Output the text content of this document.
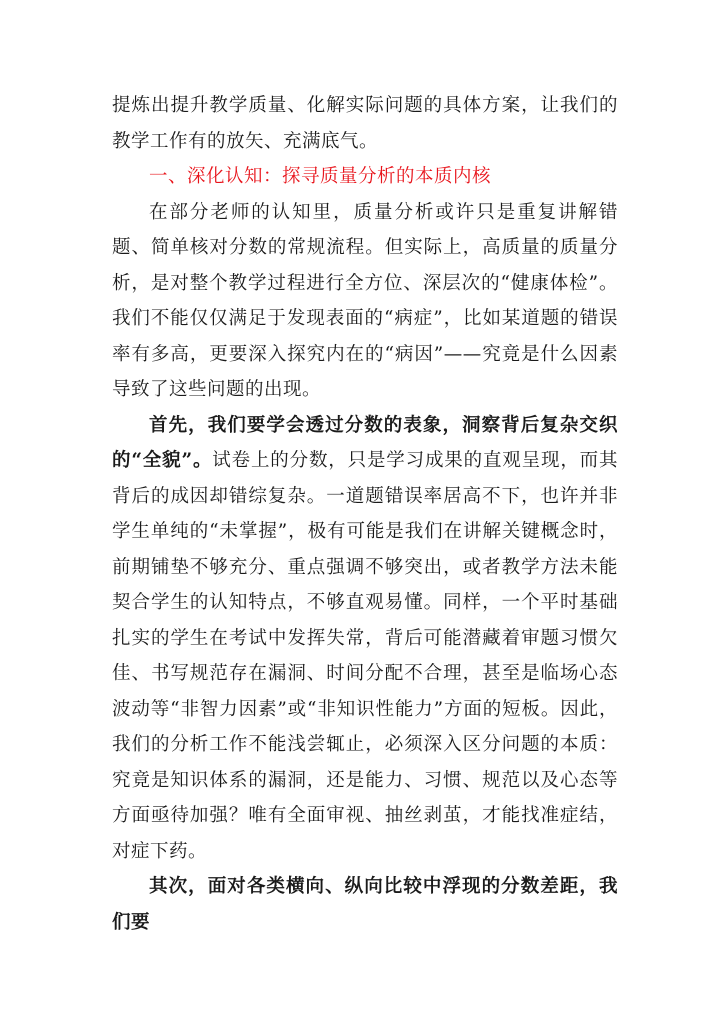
提炼出提升教学质量、化解实际问题的具体方案，让我们的教学工作有的放矢、充满底气。

一、深化认知：探寻质量分析的本质内核

在部分老师的认知里，质量分析或许只是重复讲解错题、简单核对分数的常规流程。但实际上，高质量的质量分析，是对整个教学过程进行全方位、深层次的“健康体检”。我们不能仅仅满足于发现表面的“病症”，比如某道题的错误率有多高，更要深入探究内在的“病因”——究竟是什么因素导致了这些问题的出现。

首先，我们要学会透过分数的表象，洞察背后复杂交织的“全貌”。试卷上的分数，只是学习成果的直观呈现，而其背后的成因却错综复杂。一道题错误率居高不下，也许并非学生单纯的“未掌握”，极有可能是我们在讲解关键概念时，前期铺垫不够充分、重点强调不够突出，或者教学方法未能契合学生的认知特点，不够直观易懂。同样，一个平时基础扎实的学生在考试中发挥失常，背后可能潜藏着审题习惯欠佳、书写规范存在漏洞、时间分配不合理，甚至是临场心态波动等“非智力因素”或“非知识性能力”方面的短板。因此，我们的分析工作不能浅尝辄止，必须深入区分问题的本质：究竟是知识体系的漏洞，还是能力、习惯、规范以及心态等方面亟待加强？唯有全面审视、抽丝剥茧，才能找准症结，对症下药。

其次，面对各类横向、纵向比较中浮现的分数差距，我们要
